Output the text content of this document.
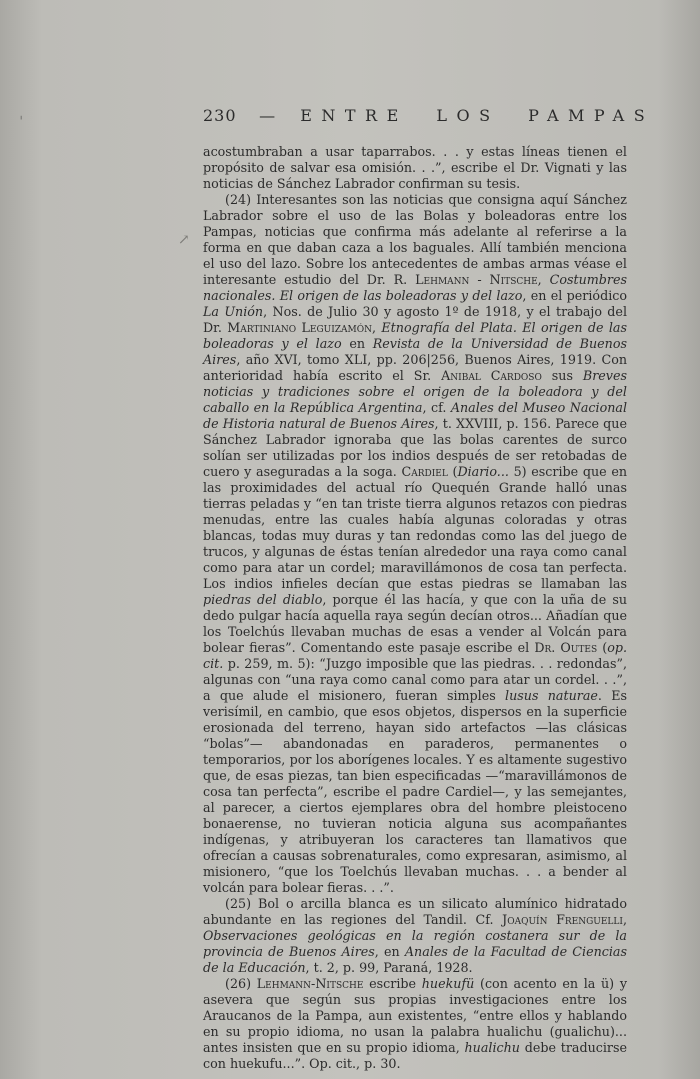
230 — ENTRE LOS PAMPAS

acostumbraban a usar taparrabos. . . y estas líneas tienen el propósito de salvar esa omisión. . .”, escribe el Dr. Vignati y las noticias de Sánchez Labrador confirman su tesis.

(24) Interesantes son las noticias que consigna aquí Sánchez Labrador sobre el uso de las Bolas y boleadoras entre los Pampas, noticias que confirma más adelante al referirse a la forma en que daban caza a los baguales. Allí también menciona el uso del lazo. Sobre los antecedentes de ambas armas véase el interesante estudio del Dr. R. Lehmann - Nitsche, Costumbres nacionales. El origen de las boleadoras y del lazo, en el periódico La Unión, Nos. de Julio 30 y agosto 1º de 1918, y el trabajo del Dr. Martiniano Leguizamón, Etnografía del Plata. El origen de las boleadoras y el lazo en Revista de la Universidad de Buenos Aires, año XVI, tomo XLI, pp. 206|256, Buenos Aires, 1919. Con anterioridad había escrito el Sr. Anibal Cardoso sus Breves noticias y tradiciones sobre el origen de la boleadora y del caballo en la República Argentina, cf. Anales del Museo Nacional de Historia natural de Buenos Aires, t. XXVIII, p. 156. Parece que Sánchez Labrador ignoraba que las bolas carentes de surco solían ser utilizadas por los indios después de ser retobadas de cuero y aseguradas a la soga. Cardiel (Diario... 5) escribe que en las proximidades del actual río Quequén Grande halló unas tierras peladas y “en tan triste tierra algunos retazos con piedras menudas, entre las cuales había algunas coloradas y otras blancas, todas muy duras y tan redondas como las del juego de trucos, y algunas de éstas tenían alrededor una raya como canal como para atar un cordel; maravillámonos de cosa tan perfecta. Los indios infieles decían que estas piedras se llamaban las piedras del diablo, porque él las hacía, y que con la uña de su dedo pulgar hacía aquella raya según decían otros... Añadían que los Toelchús llevaban muchas de esas a vender al Volcán para bolear fieras”. Comentando este pasaje escribe el Dr. Outes (op. cit. p. 259, m. 5): “Juzgo imposible que las piedras. . . redondas”, algunas con “una raya como canal como para atar un cordel. . .”, a que alude el misionero, fueran simples lusus naturae. Es verisímil, en cambio, que esos objetos, dispersos en la superficie erosionada del terreno, hayan sido artefactos —las clásicas “bolas”— abandonadas en paraderos, permanentes o temporarios, por los aborígenes locales. Y es altamente sugestivo que, de esas piezas, tan bien especificadas —“maravillámonos de cosa tan perfecta”, escribe el padre Cardiel—, y las semejantes, al parecer, a ciertos ejemplares obra del hombre pleistoceno bonaerense, no tuvieran noticia alguna sus acompañantes indígenas, y atribuyeran los caracteres tan llamativos que ofrecían a causas sobrenaturales, como expresaran, asimismo, al misionero, “que los Toelchús llevaban muchas. . . a bender al volcán para bolear fieras. . .”.

(25) Bol o arcilla blanca es un silicato alumínico hidratado abundante en las regiones del Tandil. Cf. Joaquín Frenguelli, Observaciones geológicas en la región costanera sur de la provincia de Buenos Aires, en Anales de la Facultad de Ciencias de la Educación, t. 2, p. 99, Paraná, 1928.

(26) Lehmann-Nitsche escribe huekufü (con acento en la ü) y asevera que según sus propias investigaciones entre los Araucanos de la Pampa, aun existentes, “entre ellos y hablando en su propio idioma, no usan la palabra hualichu (gualichu)... antes insisten que en su propio idioma, hualichu debe traducirse con huekufu...”. Op. cit., p. 30.

ˈ
↗
